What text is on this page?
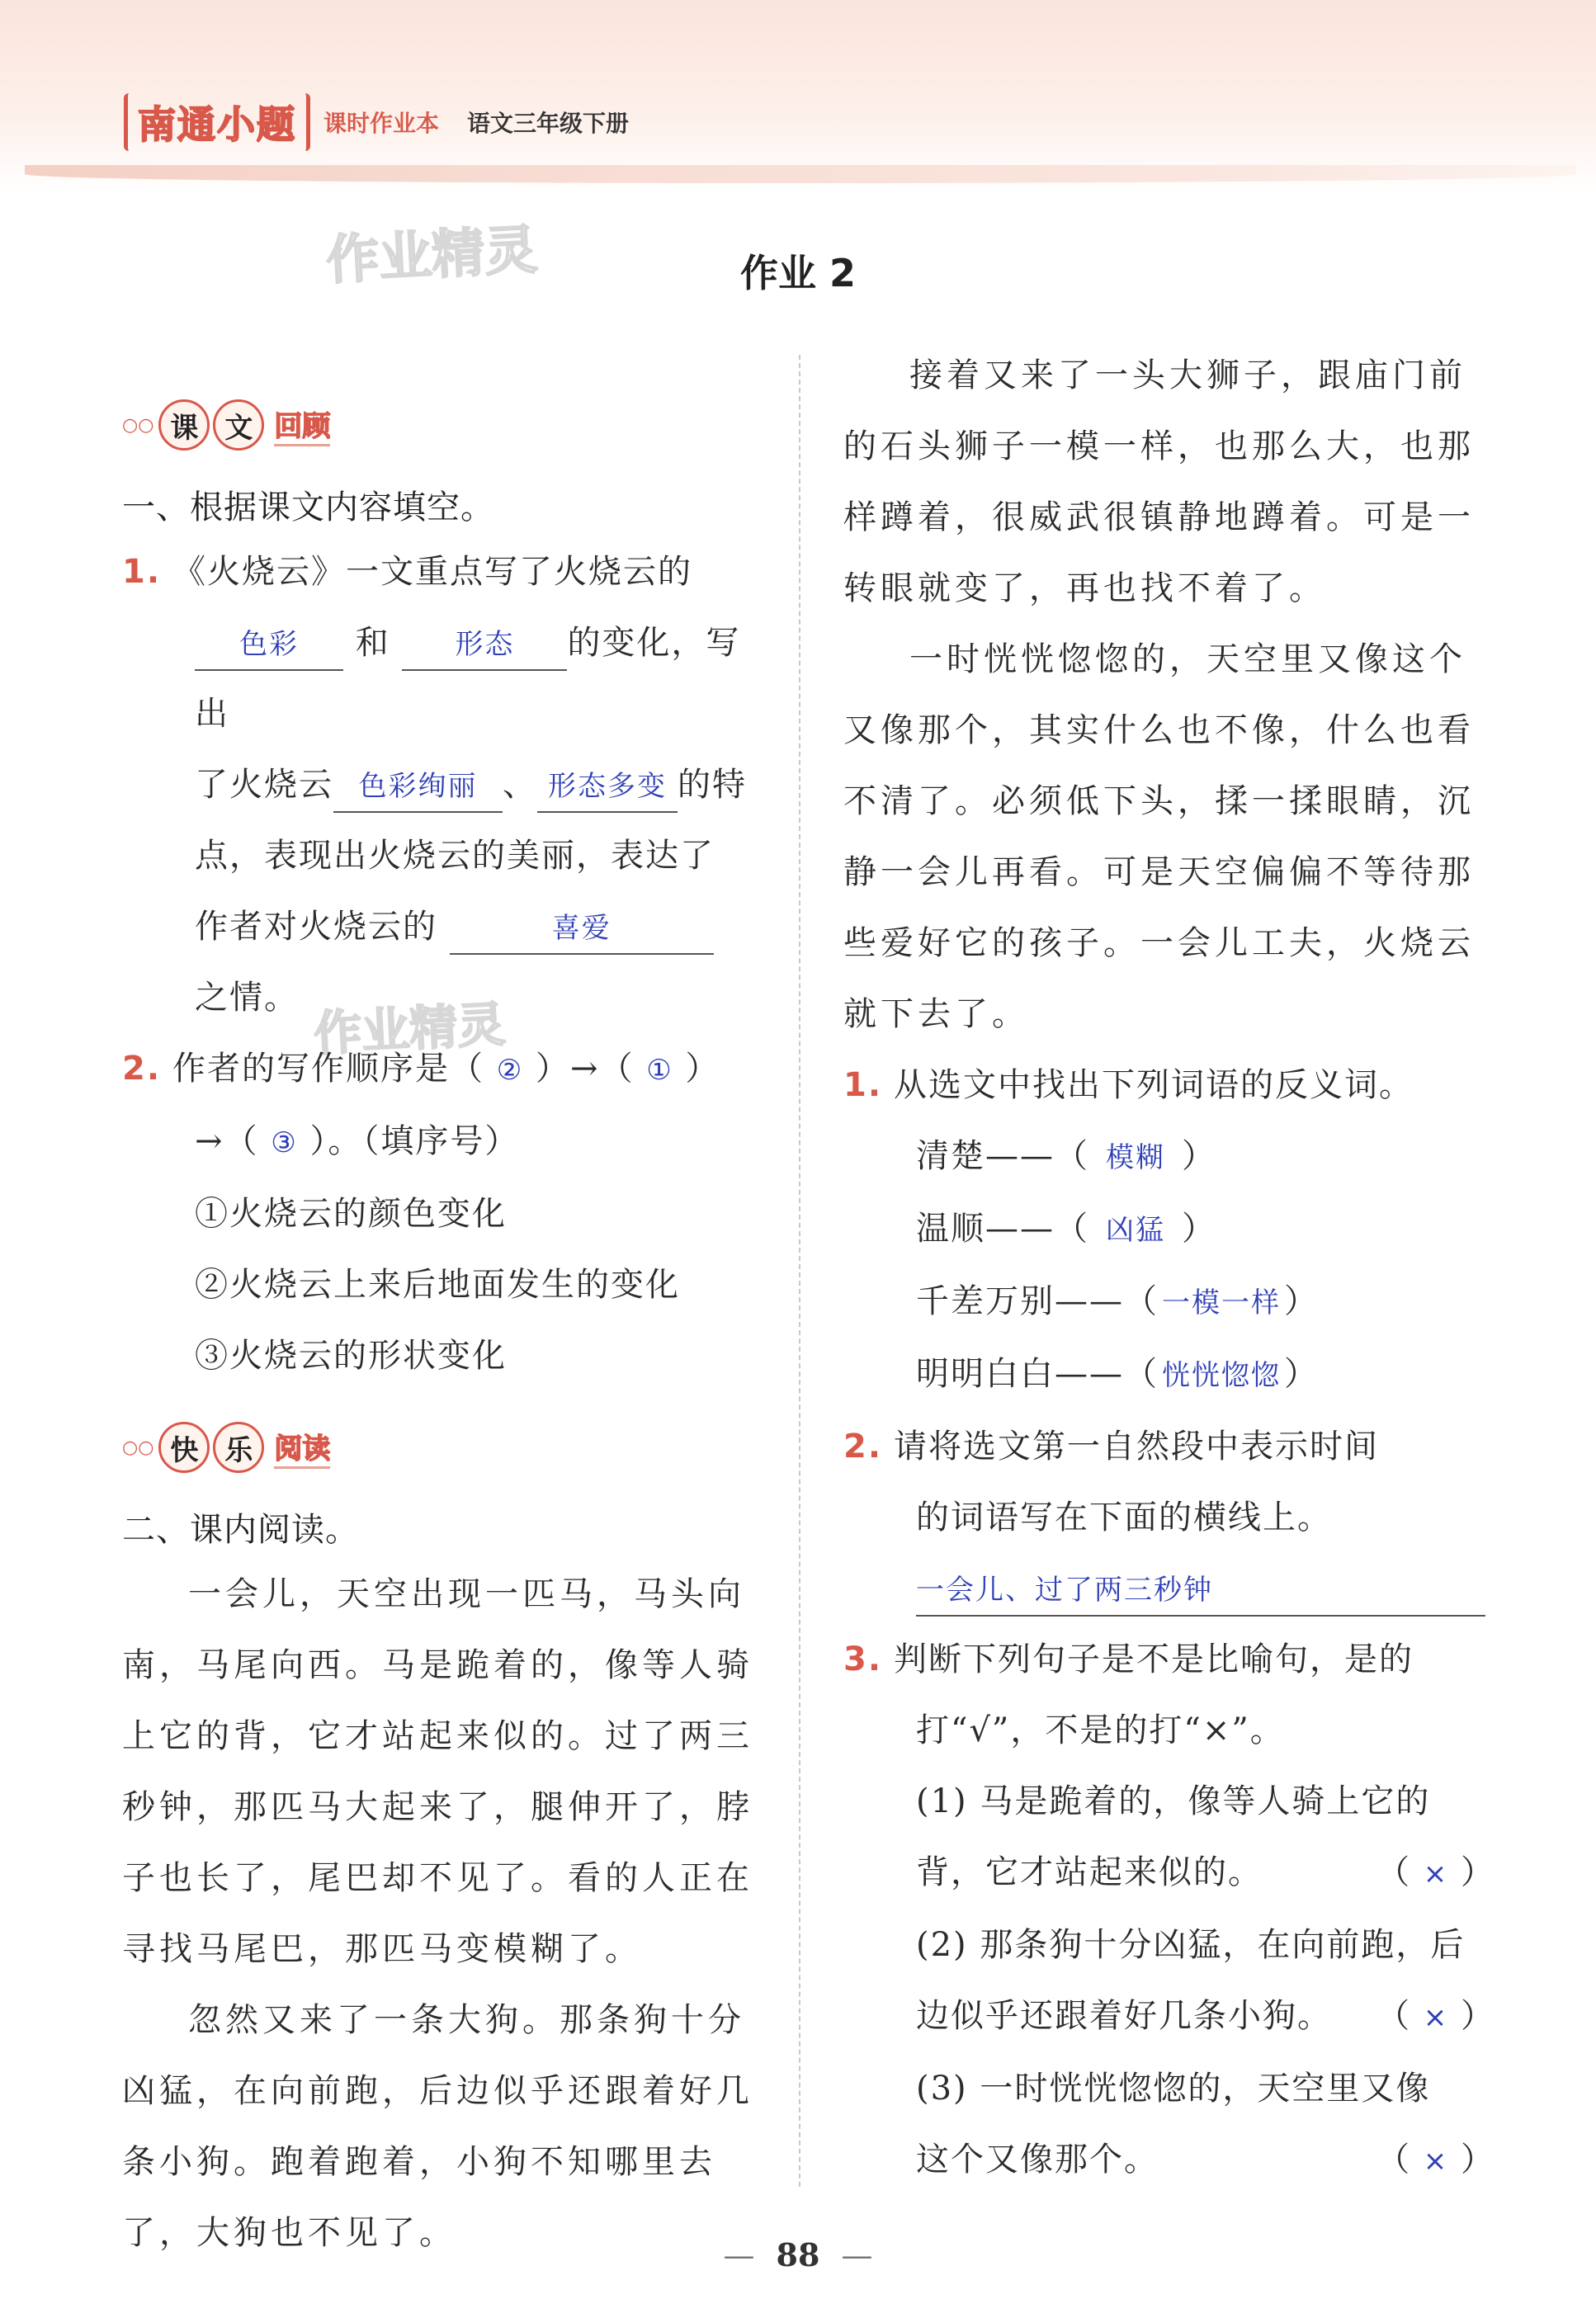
南通小题	课时作业本 语文三年级下册
作业精灵
作业精灵
作业 2
○○ 课 文 回顾
一、根据课文内容填空。
1. 《火烧云》一文重点写了火烧云的
色彩 和 形态 的变化，写出
了火烧云 色彩绚丽 、 形态多变 的特
点，表现出火烧云的美丽，表达了
作者对火烧云的	喜爱
之情。
2. 作者的写作顺序是（ ② ）→（ ① ）
→（ ③ ）。（填序号）
①火烧云的颜色变化
②火烧云上来后地面发生的变化
③火烧云的形状变化
○○ 快 乐 阅读
二、课内阅读。
一会儿，天空出现一匹马，马头向南，马尾向西。马是跪着的，像等人骑上它的背，它才站起来似的。过了两三秒钟，那匹马大起来了，腿伸开了，脖子也长了，尾巴却不见了。看的人正在寻找马尾巴，那匹马变模糊了。
忽然又来了一条大狗。那条狗十分凶猛，在向前跑，后边似乎还跟着好几条小狗。跑着跑着，小狗不知哪里去了，大狗也不见了。
接着又来了一头大狮子，跟庙门前的石头狮子一模一样，也那么大，也那样蹲着，很威武很镇静地蹲着。可是一转眼就变了，再也找不着了。
一时恍恍惚惚的，天空里又像这个又像那个，其实什么也不像，什么也看不清了。必须低下头，揉一揉眼睛，沉静一会儿再看。可是天空偏偏不等待那些爱好它的孩子。一会儿工夫，火烧云就下去了。
1. 从选文中找出下列词语的反义词。
清楚——（ 模糊 ）
温顺——（ 凶猛 ）
千差万别——（ 一模一样 ）
明明白白——（ 恍恍惚惚 ）
2. 请将选文第一自然段中表示时间
的词语写在下面的横线上。
一会儿、过了两三秒钟
3. 判断下列句子是不是比喻句，是的
打“√”，不是的打“×”。
(1) 马是跪着的，像等人骑上它的
背，它才站起来似的。	（ × ）
(2) 那条狗十分凶猛，在向前跑，后
边似乎还跟着好几条小狗。 （ × ）
(3) 一时恍恍惚惚的，天空里又像
这个又像那个。	（ × ）
— 88 —
